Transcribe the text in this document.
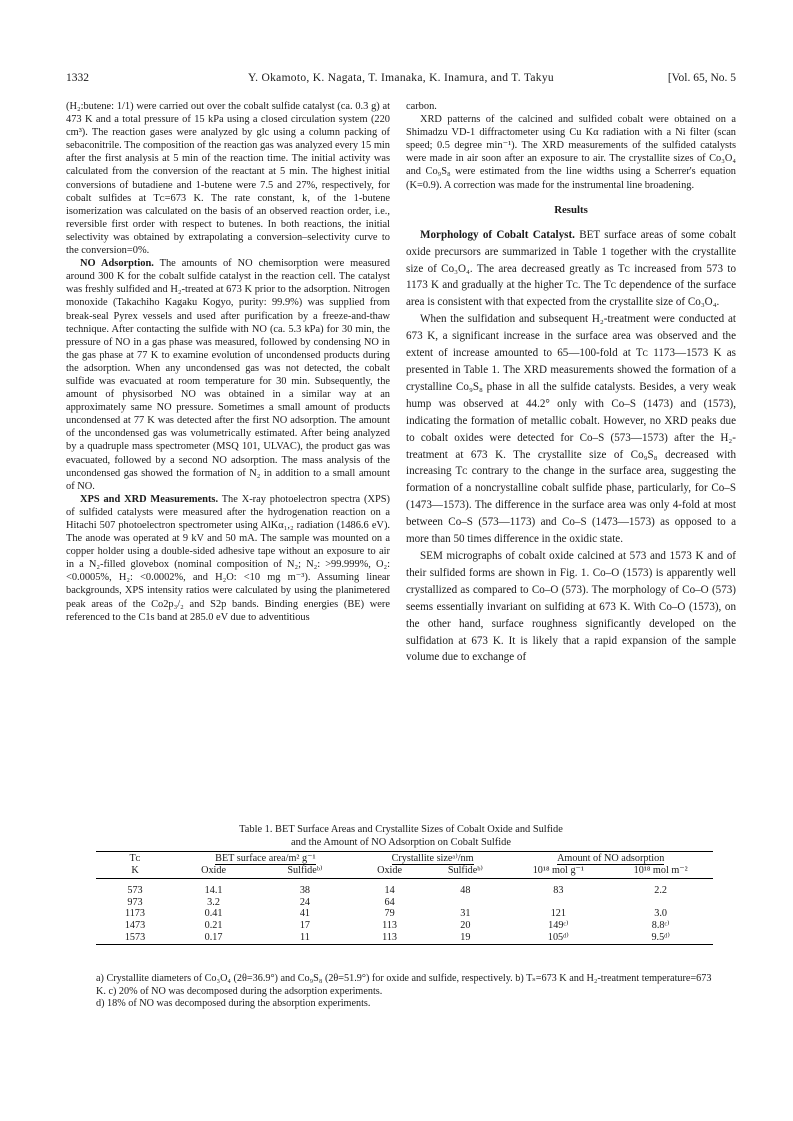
1332	Y. Okamoto, K. Nagata, T. Imanaka, K. Inamura, and T. Takyu	[Vol. 65, No. 5

(H₂:butene: 1/1) were carried out over the cobalt sulfide catalyst (ca. 0.3 g) at 473 K and a total pressure of 15 kPa using a closed circulation system (220 cm³). The reaction gases were analyzed by glc using a column packing of sebaconitrile. The composition of the reaction gas was analyzed every 15 min after the first analysis at 5 min of the reaction time. The initial activity was calculated from the conversion of the reactant at 5 min. The highest initial conversions of butadiene and 1-butene were 7.5 and 27%, respectively, for cobalt sulfides at Tᴄ=673 K. The rate constant, k, of the 1-butene isomerization was calculated on the basis of an observed reaction order, i.e., reversible first order with respect to butenes. In both reactions, the initial selectivity was obtained by extrapolating a conversion–selectivity curve to the conversion=0%.

NO Adsorption. The amounts of NO chemisorption were measured around 300 K for the cobalt sulfide catalyst in the reaction cell. The catalyst was freshly sulfided and H₂-treated at 673 K prior to the adsorption. Nitrogen monoxide (Takachiho Kagaku Kogyo, purity: 99.9%) was supplied from break-seal Pyrex vessels and used after purification by a freeze-and-thaw technique. After contacting the sulfide with NO (ca. 5.3 kPa) for 30 min, the pressure of NO in a gas phase was measured, followed by condensing NO in the gas phase at 77 K to examine evolution of uncondensed products during the adsorption. When any uncondensed gas was not detected, the cobalt sulfide was evacuated at room temperature for 30 min. Subsequently, the amount of physisorbed NO was obtained in a similar way at an approximately same NO pressure. Sometimes a small amount of products uncondensed at 77 K was detected after the first NO adsorption. The amount of the uncondensed gas was volumetrically estimated. After being analyzed by a quadruple mass spectrometer (MSQ 101, ULVAC), the product gas was evacuated, followed by a second NO adsorption. The mass analysis of the uncondensed gas showed the formation of N₂ in addition to a small amount of NO.

XPS and XRD Measurements. The X-ray photoelectron spectra (XPS) of sulfided catalysts were measured after the hydrogenation reaction on a Hitachi 507 photoelectron spectrometer using AlKα₁,₂ radiation (1486.6 eV). The anode was operated at 9 kV and 50 mA. The sample was mounted on a copper holder using a double-sided adhesive tape without an exposure to air in a N₂-filled glovebox (nominal composition of N₂; N₂: >99.999%, O₂: <0.0005%, H₂: <0.0002%, and H₂O: <10 mg m⁻³). Assuming linear backgrounds, XPS intensity ratios were calculated by using the planimetered peak areas of the Co2p₃/₂ and S2p bands. Binding energies (BE) were referenced to the C1s band at 285.0 eV due to adventitious

carbon.

XRD patterns of the calcined and sulfided cobalt were obtained on a Shimadzu VD-1 diffractometer using Cu Kα radiation with a Ni filter (scan speed; 0.5 degree min⁻¹). The XRD measurements of the sulfided catalysts were made in air soon after an exposure to air. The crystallite sizes of Co₃O₄ and Co₉S₈ were estimated from the line widths using a Scherrer's equation (K=0.9). A correction was made for the instrumental line broadening.

Results

Morphology of Cobalt Catalyst. BET surface areas of some cobalt oxide precursors are summarized in Table 1 together with the crystallite size of Co₃O₄. The area decreased greatly as Tᴄ increased from 573 to 1173 K and gradually at the higher Tᴄ. The Tᴄ dependence of the surface area is consistent with that expected from the crystallite size of Co₃O₄.

When the sulfidation and subsequent H₂-treatment were conducted at 673 K, a significant increase in the surface area was observed and the extent of increase amounted to 65—100-fold at Tᴄ 1173—1573 K as presented in Table 1. The XRD measurements showed the formation of a crystalline Co₉S₈ phase in all the sulfide catalysts. Besides, a very weak hump was observed at 44.2° only with Co–S (1473) and (1573), indicating the formation of metallic cobalt. However, no XRD peaks due to cobalt oxides were detected for Co–S (573—1573) after the H₂-treatment at 673 K. The crystallite size of Co₉S₈ decreased with increasing Tᴄ contrary to the change in the surface area, suggesting the formation of a noncrystalline cobalt sulfide phase, particularly, for Co–S (1473—1573). The difference in the surface area was only 4-fold at most between Co–S (573—1173) and Co–S (1473—1573) as opposed to a more than 50 times difference in the oxidic state.

SEM micrographs of cobalt oxide calcined at 573 and 1573 K and of their sulfided forms are shown in Fig. 1. Co–O (1573) is apparently well crystallized as compared to Co–O (573). The morphology of Co–O (573) seems essentially invariant on sulfiding at 673 K. With Co–O (1573), on the other hand, surface roughness significantly developed on the sulfidation at 673 K. It is likely that a rapid expansion of the sample volume due to exchange of

Table 1. BET Surface Areas and Crystallite Sizes of Cobalt Oxide and Sulfide
and the Amount of NO Adsorption on Cobalt Sulfide
Tᴄ	BET surface area/m² g⁻¹		Crystallite sizeᵃ⁾/nm		Amount of NO adsorption	
K	Oxide	Sulfideᵇ⁾	Oxide	Sulfideᵇ⁾	10¹⁸ mol g⁻¹	10¹⁸ mol m⁻²
573	14.1	38	14	48	83	2.2
973	3.2	24	64			
1173	0.41	41	79	31	121	3.0
1473	0.21	17	113	20	149ᶜ⁾	8.8ᶜ⁾
1573	0.17	11	113	19	105ᵈ⁾	9.5ᵈ⁾

a) Crystallite diameters of Co₃O₄ (2θ=36.9°) and Co₉S₈ (2θ=51.9°) for oxide and sulfide, respectively. b) Tₛ=673 K and H₂-treatment temperature=673 K. c) 20% of NO was decomposed during the adsorption experiments.

d) 18% of NO was decomposed during the absorption experiments.
